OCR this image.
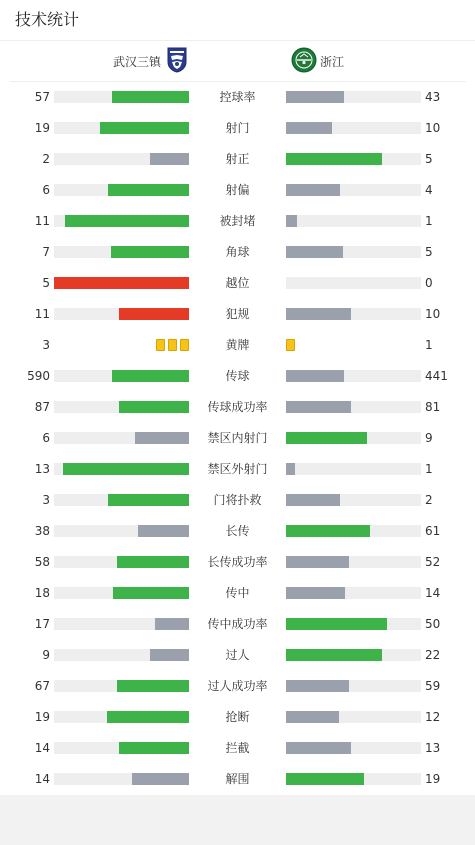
技术统计
武汉三镇	浙江
57	控球率	43
19	射门	10
2	射正	5
6	射偏	4
11	被封堵	1
7	角球	5
5	越位	0
11	犯规	10
3	黄牌	1
590	传球	441
87	传球成功率	81
6	禁区内射门	9
13	禁区外射门	1
3	门将扑救	2
38	长传	61
58	长传成功率	52
18	传中	14
17	传中成功率	50
9	过人	22
67	过人成功率	59
19	抢断	12
14	拦截	13
14	解围	19
